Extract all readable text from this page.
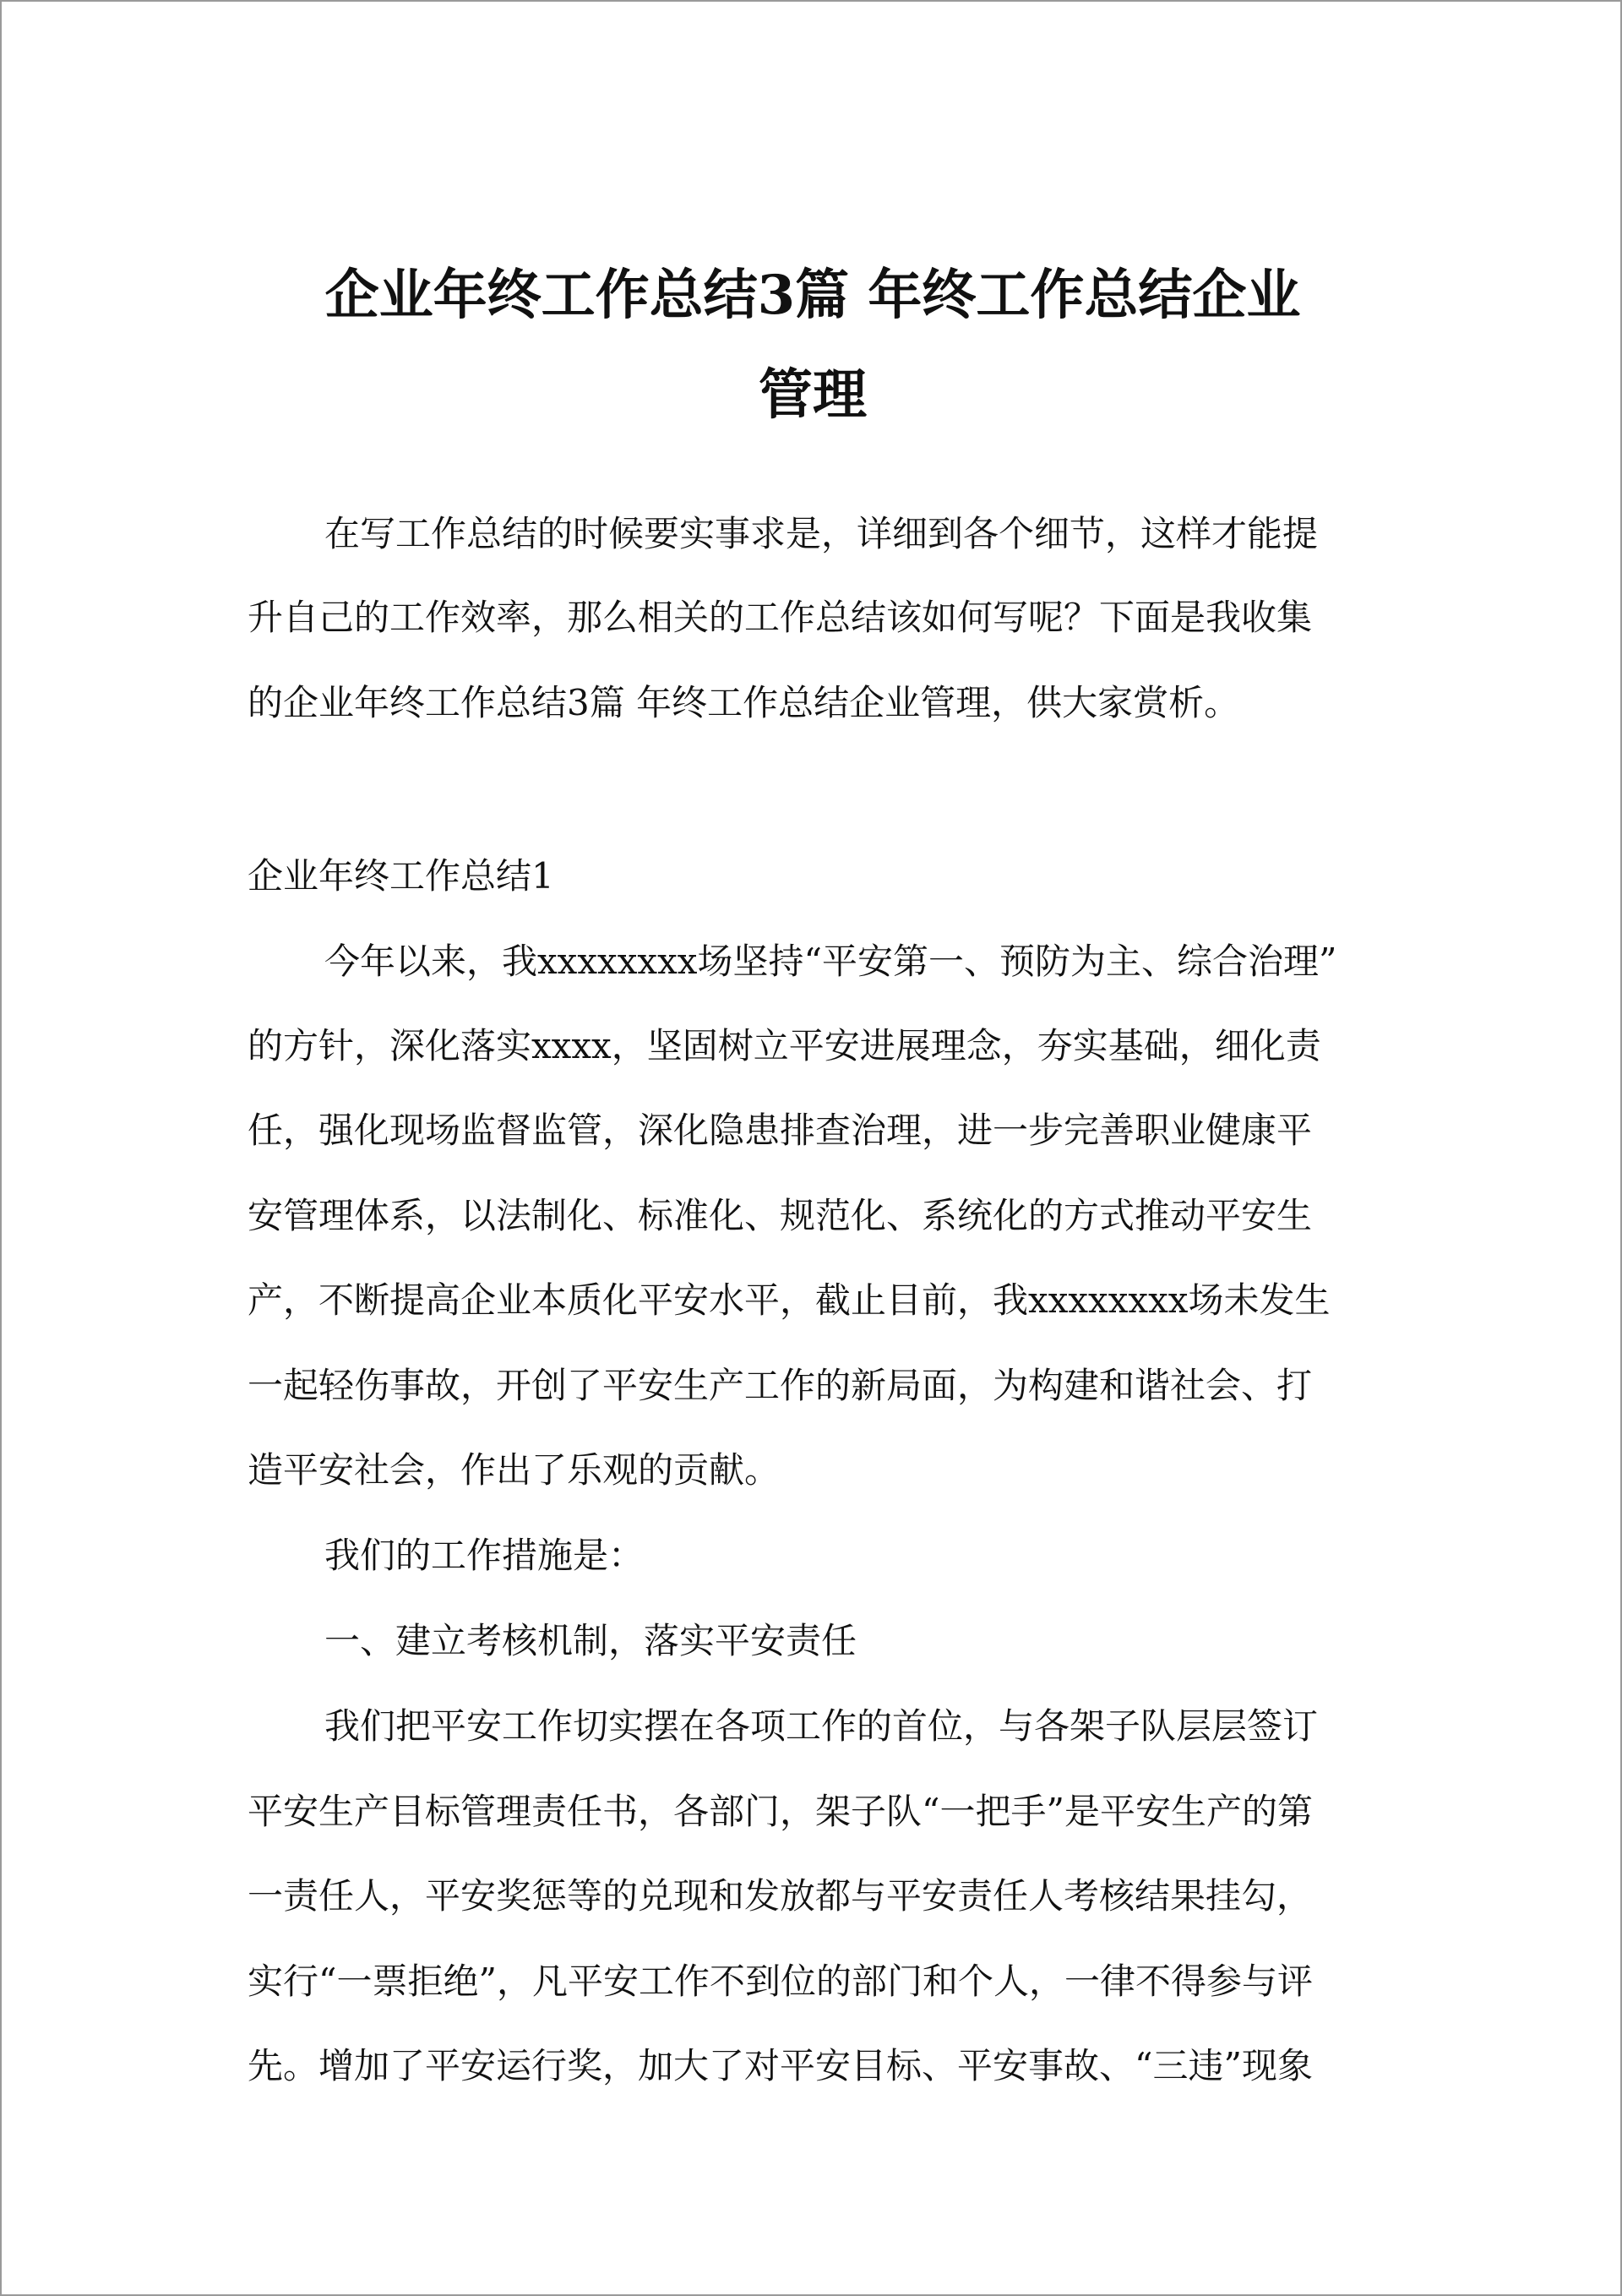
企业年终工作总结3篇 年终工作总结企业
管理

在写工作总结的时候要实事求是，详细到各个细节，这样才能提

升自己的工作效率，那么相关的工作总结该如何写呢？下面是我收集

的企业年终工作总结3篇 年终工作总结企业管理，供大家赏析。

企业年终工作总结1

今年以来，我xxxxxxxx场坚持“平安第一、预防为主、综合治理”

的方针，深化落实xxxx，坚固树立平安进展理念，夯实基础，细化责

任，强化现场监督监管，深化隐患排查治理，进一步完善职业健康平

安管理体系，以法制化、标准化、规范化、系统化的方式推动平安生

产，不断提高企业本质化平安水平，截止目前，我xxxxxxxx场未发生

一起轻伤事故，开创了平安生产工作的新局面，为构建和谐社会、打

造平安社会，作出了乐观的贡献。

我们的工作措施是：

一、建立考核机制，落实平安责任

我们把平安工作切实摆在各项工作的首位，与各架子队层层签订

平安生产目标管理责任书，各部门，架子队“一把手”是平安生产的第

一责任人，平安奖惩等的兑现和发放都与平安责任人考核结果挂勾，

实行“一票拒绝”，凡平安工作不到位的部门和个人，一律不得参与评

先。增加了平安运行奖，加大了对平安目标、平安事故、“三违”现象
